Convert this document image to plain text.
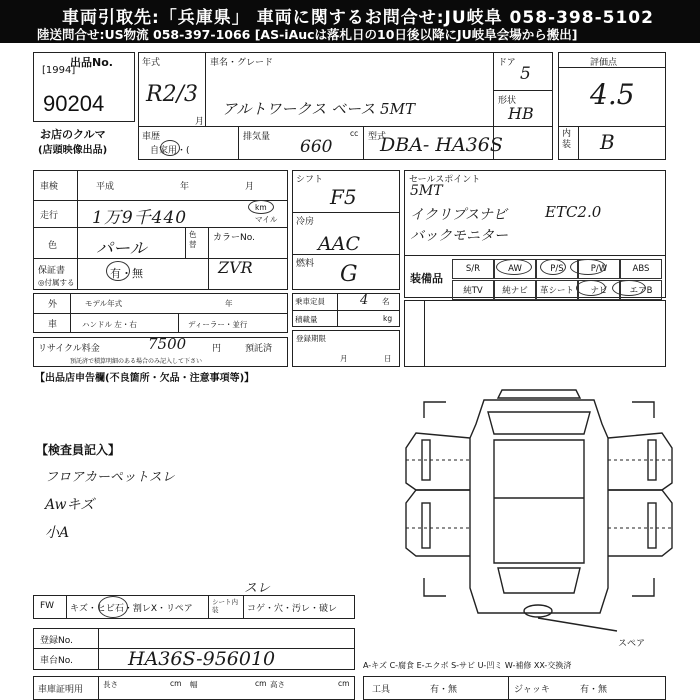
車両引取先:「兵庫県」 車両に関するお問合せ:JU岐阜 058-398-5102
陸送問合せ:US物流 058-397-1066 [AS-iAucは落札日の10日後以降にJU岐阜会場から搬出]
出品No.
[1994]
90204
お店のクルマ
(店頭映像出品)
年式
R2/3
月
車名・グレード
アルトワークス ベース 5MT
ドア
5
形状
HB
車歴
自家用・(
排気量	cc
660	型式
DBA- HA36S
評価点
4.5
内装 B
車検	平成	年	月
走行 1万9千440
km
マイル
色 パール
色替
カラーNo.
ZVR
保証書
◎付属する
有・無
シフト
F5
冷房
AAC
燃料 G
セールスポイント
5MT
イクリプスナビ
バックモニター
ETC2.0
装備品
S/R	AW	P/S	P/W	ABS
純TV	純ナビ	革シート	ナビ	エアB
外
車
モデル年式	年
ハンドル 左・右	ディーラー・並行
乗車定員	4 名
積載量	kg
リサイクル料金	7500	円	預託済
預託済で積算明細のある場合のみ記入して下さい
登録期限
月	日
【出品店申告欄(不良箇所・欠品・注意事項等)】
【検査員記入】
フロアカーペットスレ
Awキズ
小A
スペア
FW キズ・ヒビ石・割レX・リペア
シート内装	コゲ・穴・汚レ・破レ
スレ
登録No.
車台No.	HA36S-956010	A-キズ C-腐食 E-エクボ S-サビ U-凹ミ W-補修 XX-交換済
車庫証明用
長さ	cm 幅	cm 高さ	cm
工具	有・無	ジャッキ	有・無
